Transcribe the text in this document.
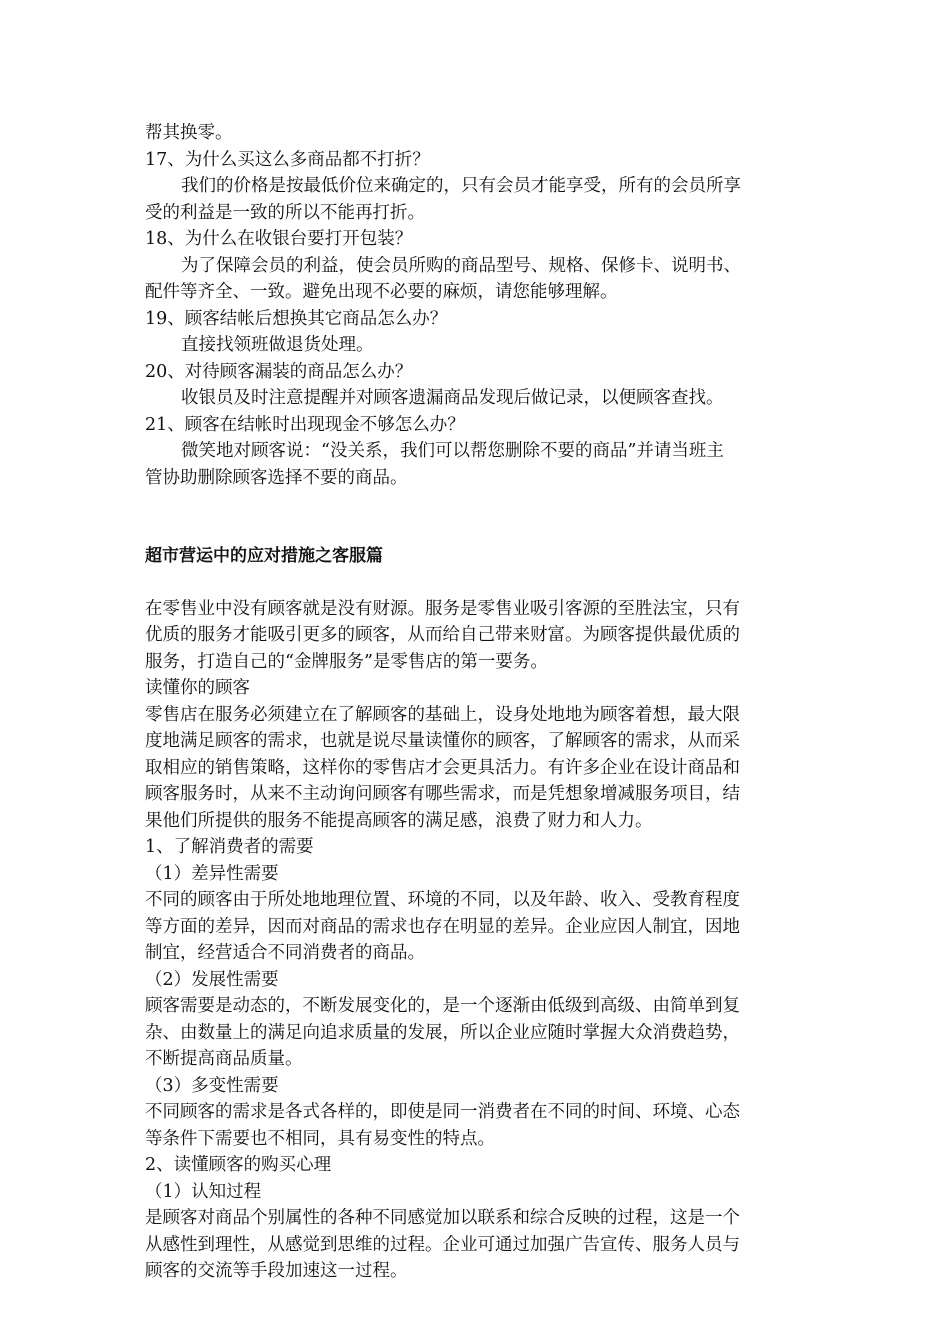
帮其换零。
17、为什么买这么多商品都不打折？
我们的价格是按最低价位来确定的，只有会员才能享受，所有的会员所享
受的利益是一致的所以不能再打折。
18、为什么在收银台要打开包装？
为了保障会员的利益，使会员所购的商品型号、规格、保修卡、说明书、
配件等齐全、一致。避免出现不必要的麻烦，请您能够理解。
19、顾客结帐后想换其它商品怎么办？
直接找领班做退货处理。
20、对待顾客漏装的商品怎么办？
收银员及时注意提醒并对顾客遗漏商品发现后做记录，以便顾客查找。
21、顾客在结帐时出现现金不够怎么办？
微笑地对顾客说：“没关系，我们可以帮您删除不要的商品”并请当班主
管协助删除顾客选择不要的商品。
超市营运中的应对措施之客服篇
在零售业中没有顾客就是没有财源。服务是零售业吸引客源的至胜法宝，只有
优质的服务才能吸引更多的顾客，从而给自己带来财富。为顾客提供最优质的
服务，打造自己的“金牌服务”是零售店的第一要务。
读懂你的顾客
零售店在服务必须建立在了解顾客的基础上，设身处地地为顾客着想，最大限
度地满足顾客的需求，也就是说尽量读懂你的顾客，了解顾客的需求，从而采
取相应的销售策略，这样你的零售店才会更具活力。有许多企业在设计商品和
顾客服务时，从来不主动询问顾客有哪些需求，而是凭想象增减服务项目，结
果他们所提供的服务不能提高顾客的满足感，浪费了财力和人力。
1、了解消费者的需要
（1）差异性需要
不同的顾客由于所处地地理位置、环境的不同，以及年龄、收入、受教育程度
等方面的差异，因而对商品的需求也存在明显的差异。企业应因人制宜，因地
制宜，经营适合不同消费者的商品。
（2）发展性需要
顾客需要是动态的，不断发展变化的，是一个逐渐由低级到高级、由简单到复
杂、由数量上的满足向追求质量的发展，所以企业应随时掌握大众消费趋势，
不断提高商品质量。
（3）多变性需要
不同顾客的需求是各式各样的，即使是同一消费者在不同的时间、环境、心态
等条件下需要也不相同，具有易变性的特点。
2、读懂顾客的购买心理
（1）认知过程
是顾客对商品个别属性的各种不同感觉加以联系和综合反映的过程，这是一个
从感性到理性，从感觉到思维的过程。企业可通过加强广告宣传、服务人员与
顾客的交流等手段加速这一过程。
